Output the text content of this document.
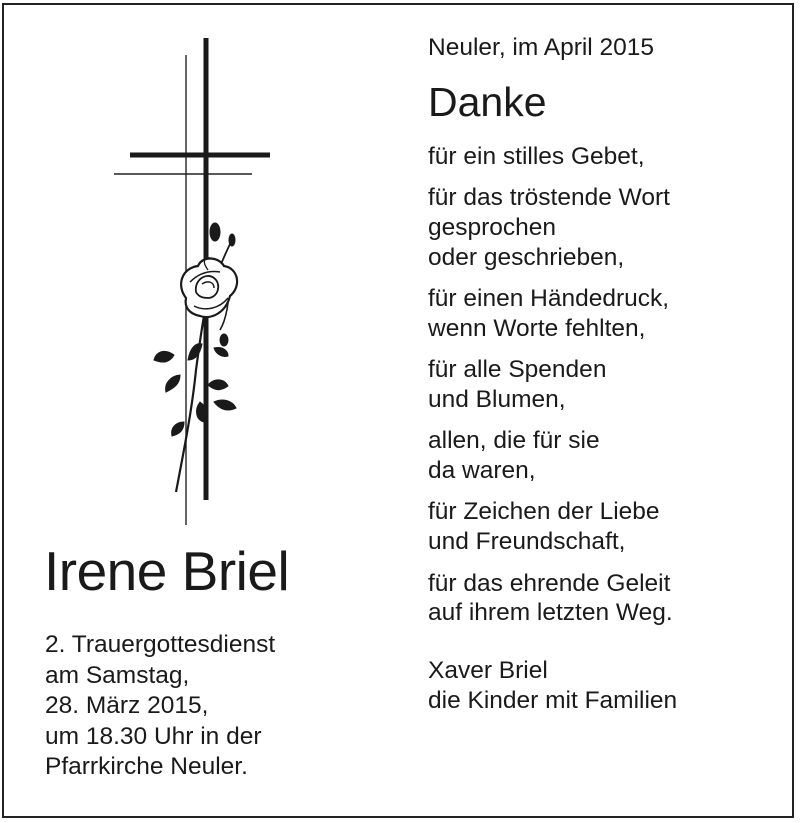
Irene Briel
2. Trauergottesdienst
am Samstag,
28. März 2015,
um 18.30 Uhr in der
Pfarrkirche Neuler.
Neuler, im April 2015
Danke
für ein stilles Gebet,
für das tröstende Wort
gesprochen
oder geschrieben,
für einen Händedruck,
wenn Worte fehlten,
für alle Spenden
und Blumen,
allen, die für sie
da waren,
für Zeichen der Liebe
und Freundschaft,
für das ehrende Geleit
auf ihrem letzten Weg.
Xaver Briel
die Kinder mit Familien
